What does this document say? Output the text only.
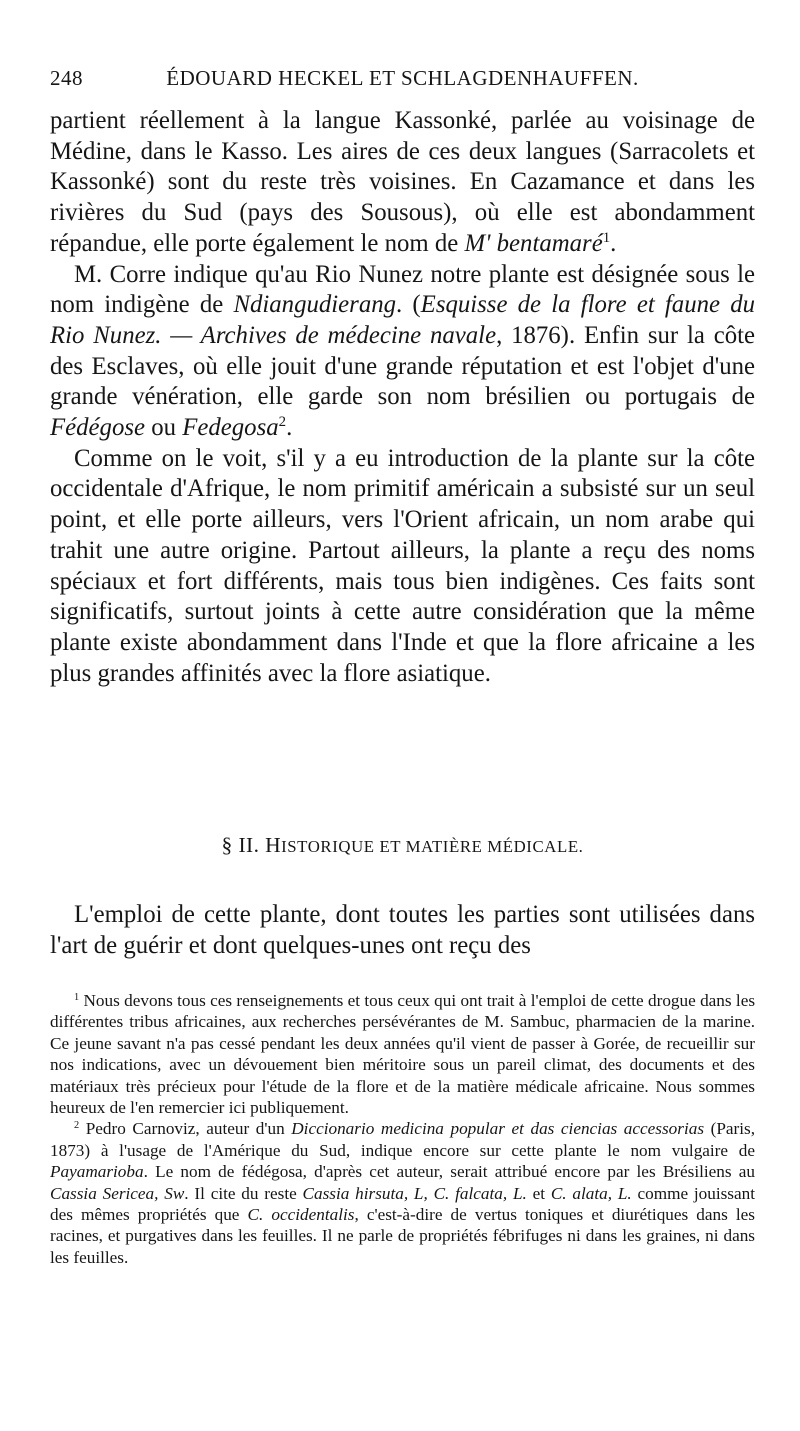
248	ÉDOUARD HECKEL ET SCHLAGDENHAUFFEN.

partient réellement à la langue Kassonké, parlée au voisinage de Médine, dans le Kasso. Les aires de ces deux langues (Sarracolets et Kassonké) sont du reste très voisines. En Cazamance et dans les rivières du Sud (pays des Sousous), où elle est abondamment répandue, elle porte également le nom de M' bentamaré$^1$.

M. Corre indique qu'au Rio Nunez notre plante est désignée sous le nom indigène de Ndiangudierang. (Esquisse de la flore et faune du Rio Nunez. — Archives de médecine navale, 1876). Enfin sur la côte des Esclaves, où elle jouit d'une grande réputation et est l'objet d'une grande vénération, elle garde son nom brésilien ou portugais de Fédégose ou Fedegosa$^2$.

Comme on le voit, s'il y a eu introduction de la plante sur la côte occidentale d'Afrique, le nom primitif américain a subsisté sur un seul point, et elle porte ailleurs, vers l'Orient africain, un nom arabe qui trahit une autre origine. Partout ailleurs, la plante a reçu des noms spéciaux et fort différents, mais tous bien indigènes. Ces faits sont significatifs, surtout joints à cette autre considération que la même plante existe abondamment dans l'Inde et que la flore africaine a les plus grandes affinités avec la flore asiatique.

§ II. HISTORIQUE ET MATIÈRE MÉDICALE.

L'emploi de cette plante, dont toutes les parties sont utilisées dans l'art de guérir et dont quelques-unes ont reçu des

$^1$ Nous devons tous ces renseignements et tous ceux qui ont trait à l'emploi de cette drogue dans les différentes tribus africaines, aux recherches persévérantes de M. Sambuc, pharmacien de la marine. Ce jeune savant n'a pas cessé pendant les deux années qu'il vient de passer à Gorée, de recueillir sur nos indications, avec un dévouement bien méritoire sous un pareil climat, des documents et des matériaux très précieux pour l'étude de la flore et de la matière médicale africaine. Nous sommes heureux de l'en remercier ici publiquement.

$^2$ Pedro Carnoviz, auteur d'un Diccionario medicina popular et das ciencias accessorias (Paris, 1873) à l'usage de l'Amérique du Sud, indique encore sur cette plante le nom vulgaire de Payamarioba. Le nom de fédégosa, d'après cet auteur, serait attribué encore par les Brésiliens au Cassia Sericea, Sw. Il cite du reste Cassia hirsuta, L, C. falcata, L. et C. alata, L. comme jouissant des mêmes propriétés que C. occidentalis, c'est-à-dire de vertus toniques et diurétiques dans les racines, et purgatives dans les feuilles. Il ne parle de propriétés fébrifuges ni dans les graines, ni dans les feuilles.
